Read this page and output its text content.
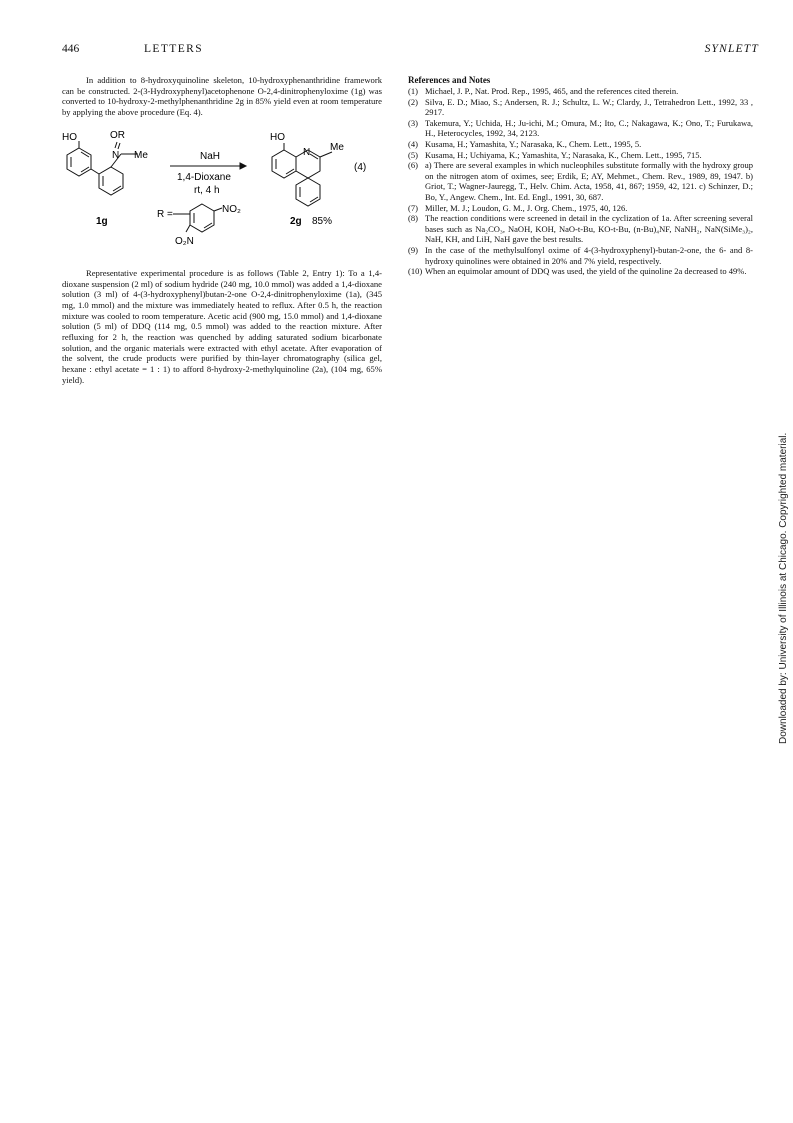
446	LETTERS	SYNLETT

In addition to 8-hydroxyquinoline skeleton, 10-hydroxyphenanthridine framework can be constructed. 2-(3-Hydroxyphenyl)acetophenone O-2,4-dinitrophenyloxime (1g) was converted to 10-hydroxy-2-methylphenanthridine 2g in 85% yield even at room temperature by applying the above procedure (Eq. 4).

HO	OR
N Me	NaH
1,4-Dioxane
rt, 4 h
(4)
1g
R =	NO₂
O₂N
HO
N Me
2g 85%

Representative experimental procedure is as follows (Table 2, Entry 1): To a 1,4-dioxane suspension (2 ml) of sodium hydride (240 mg, 10.0 mmol) was added a 1,4-dioxane solution (3 ml) of 4-(3-hydroxyphenyl)butan-2-one O-2,4-dinitrophenyloxime (1a), (345 mg, 1.0 mmol) and the mixture was immediately heated to reflux. After 0.5 h, the reaction mixture was cooled to room temperature. Acetic acid (900 mg, 15.0 mmol) and 1,4-dioxane solution (5 ml) of DDQ (114 mg, 0.5 mmol) was added to the reaction mixture. After refluxing for 2 h, the reaction was quenched by adding saturated sodium bicarbonate solution, and the organic materials were extracted with ethyl acetate. After evaporation of the solvent, the crude products were purified by thin-layer chromatography (silica gel, hexane : ethyl acetate = 1 : 1) to afford 8-hydroxy-2-methylquinoline (2a), (104 mg, 65% yield).

References and Notes

(1) Michael, J. P., Nat. Prod. Rep., 1995, 465, and the references cited therein.
(2) Silva, E. D.; Miao, S.; Andersen, R. J.; Schultz, L. W.; Clardy, J., Tetrahedron Lett., 1992, 33 , 2917.
(3) Takemura, Y.; Uchida, H.; Ju-ichi, M.; Omura, M.; Ito, C.; Nakagawa, K.; Ono, T.; Furukawa, H., Heterocycles, 1992, 34, 2123.
(4) Kusama, H.; Yamashita, Y.; Narasaka, K., Chem. Lett., 1995, 5.
(5) Kusama, H.; Uchiyama, K.; Yamashita, Y.; Narasaka, K., Chem. Lett., 1995, 715.
(6) a) There are several examples in which nucleophiles substitute formally with the hydroxy group on the nitrogen atom of oximes, see; Erdik, E; AY, Mehmet., Chem. Rev., 1989, 89, 1947. b) Griot, T.; Wagner-Jauregg, T., Helv. Chim. Acta, 1958, 41, 867; 1959, 42, 121. c) Schinzer, D.; Bo, Y., Angew. Chem., Int. Ed. Engl., 1991, 30, 687.
(7) Miller, M. J.; Loudon, G. M., J. Org. Chem., 1975, 40, 126.
(8) The reaction conditions were screened in detail in the cyclization of 1a. After screening several bases such as Na₂CO₃, NaOH, KOH, NaO-t-Bu, KO-t-Bu, (n-Bu)₄NF, NaNH₂, NaN(SiMe₃)₂, NaH, KH, and LiH, NaH gave the best results.
(9) In the case of the methylsulfonyl oxime of 4-(3-hydroxyphenyl)-butan-2-one, the 6- and 8-hydroxy quinolines were obtained in 20% and 7% yield, respectively.
(10) When an equimolar amount of DDQ was used, the yield of the quinoline 2a decreased to 49%.
Downloaded by: University of Illinois at Chicago. Copyrighted material.
